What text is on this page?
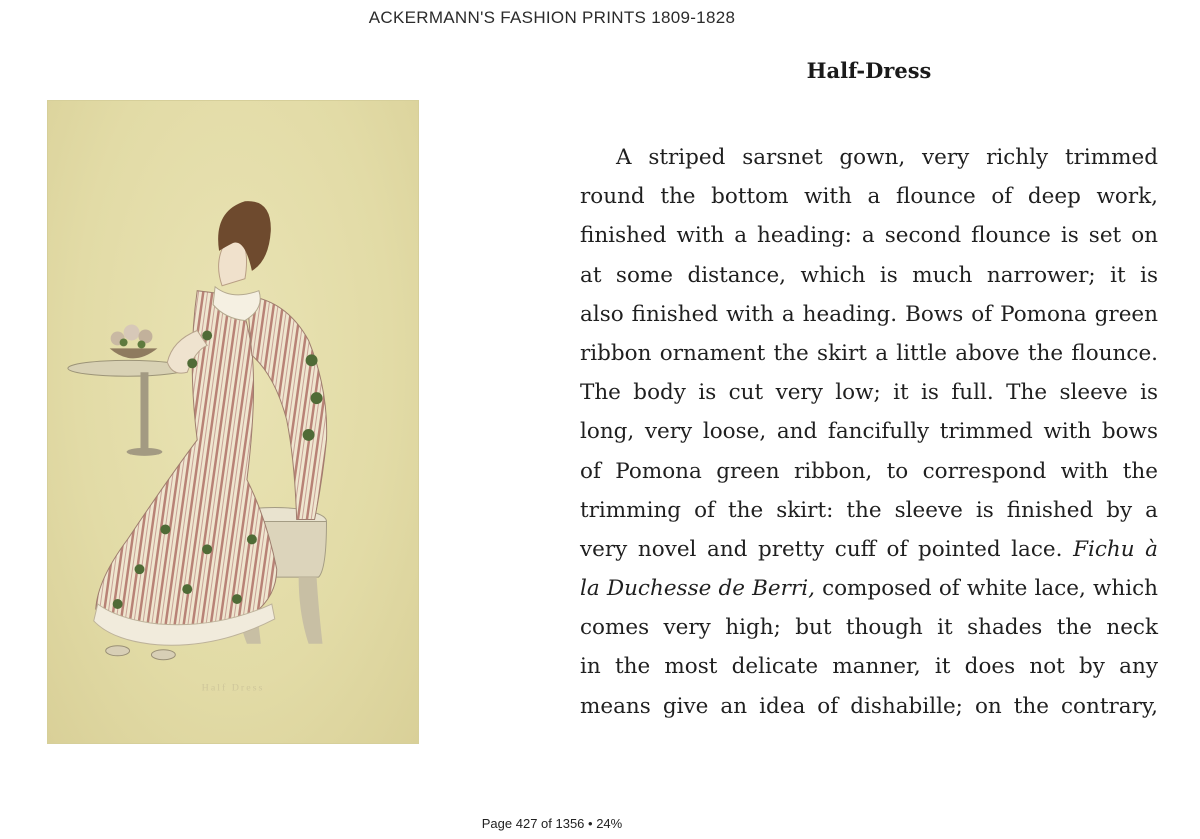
ACKERMANN'S FASHION PRINTS 1809-1828
Half Dress
Half-Dress
A striped sarsnet gown, very richly trimmed
round the bottom with a flounce of deep work,
finished with a heading: a second flounce is set on
at some distance, which is much narrower; it is
also finished with a heading. Bows of Pomona green
ribbon ornament the skirt a little above the flounce.
The body is cut very low; it is full. The sleeve is
long, very loose, and fancifully trimmed with bows
of Pomona green ribbon, to correspond with the
trimming of the skirt: the sleeve is finished by a
very novel and pretty cuff of pointed lace. Fichu à
la Duchesse de Berri, composed of white lace, which
comes very high; but though it shades the neck
in the most delicate manner, it does not by any
means give an idea of dishabille; on the contrary,
Page 427 of 1356 • 24%
